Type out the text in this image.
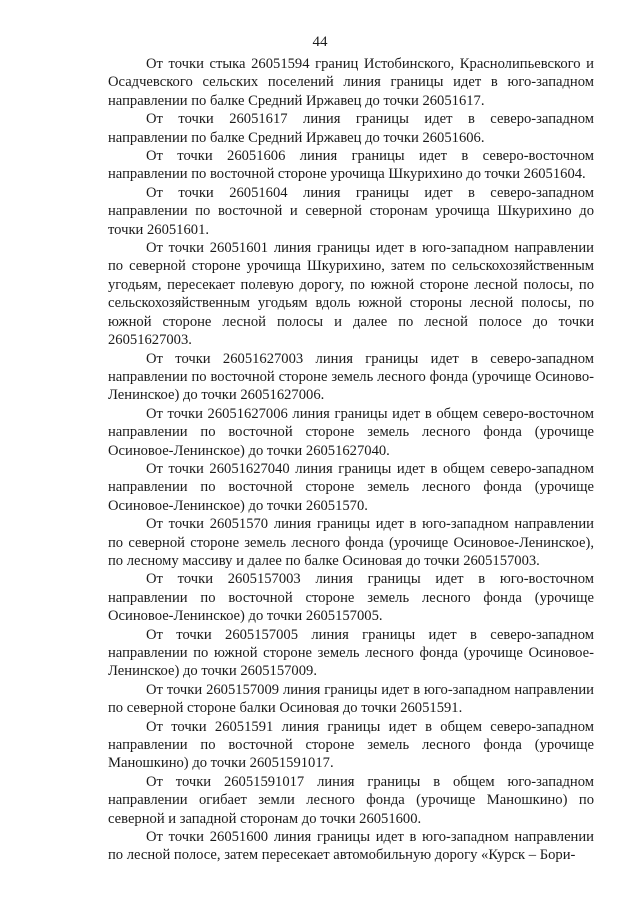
44

От точки стыка 26051594 границ Истобинского, Краснолипьевского и Осадчевского сельских поселений линия границы идет в юго-западном направлении по балке Средний Иржавец до точки 26051617.

От точки 26051617 линия границы идет в северо-западном направлении по балке Средний Иржавец до точки 26051606.

От точки 26051606 линия границы идет в северо-восточном направлении по восточной стороне урочища Шкурихино до точки 26051604.

От точки 26051604 линия границы идет в северо-западном направлении по восточной и северной сторонам урочища Шкурихино до точки 26051601.

От точки 26051601 линия границы идет в юго-западном направлении по северной стороне урочища Шкурихино, затем по сельскохозяйственным угодьям, пересекает полевую дорогу, по южной стороне лесной полосы, по сельскохозяйственным угодьям вдоль южной стороны лесной полосы, по южной стороне лесной полосы и далее по лесной полосе до точки 26051627003.

От точки 26051627003 линия границы идет в северо-западном направлении по восточной стороне земель лесного фонда (урочище Осиново-Ленинское) до точки 26051627006.

От точки 26051627006 линия границы идет в общем северо-восточном направлении по восточной стороне земель лесного фонда (урочище Осиновое-Ленинское) до точки 26051627040.

От точки 26051627040 линия границы идет в общем северо-западном направлении по восточной стороне земель лесного фонда (урочище Осиновое-Ленинское) до точки 26051570.

От точки 26051570 линия границы идет в юго-западном направлении по северной стороне земель лесного фонда (урочище Осиновое-Ленинское), по лесному массиву и далее по балке Осиновая до точки 2605157003.

От точки 2605157003 линия границы идет в юго-восточном направлении по восточной стороне земель лесного фонда (урочище Осиновое-Ленинское) до точки 2605157005.

От точки 2605157005 линия границы идет в северо-западном направлении по южной стороне земель лесного фонда (урочище Осиновое-Ленинское) до точки 2605157009.

От точки 2605157009 линия границы идет в юго-западном направлении по северной стороне балки Осиновая до точки 26051591.

От точки 26051591 линия границы идет в общем северо-западном направлении по восточной стороне земель лесного фонда (урочище Маношкино) до точки 26051591017.

От точки 26051591017 линия границы в общем юго-западном направлении огибает земли лесного фонда (урочище Маношкино) по северной и западной сторонам до точки 26051600.

От точки 26051600 линия границы идет в юго-западном направлении по лесной полосе, затем пересекает автомобильную дорогу «Курск – Бори-
